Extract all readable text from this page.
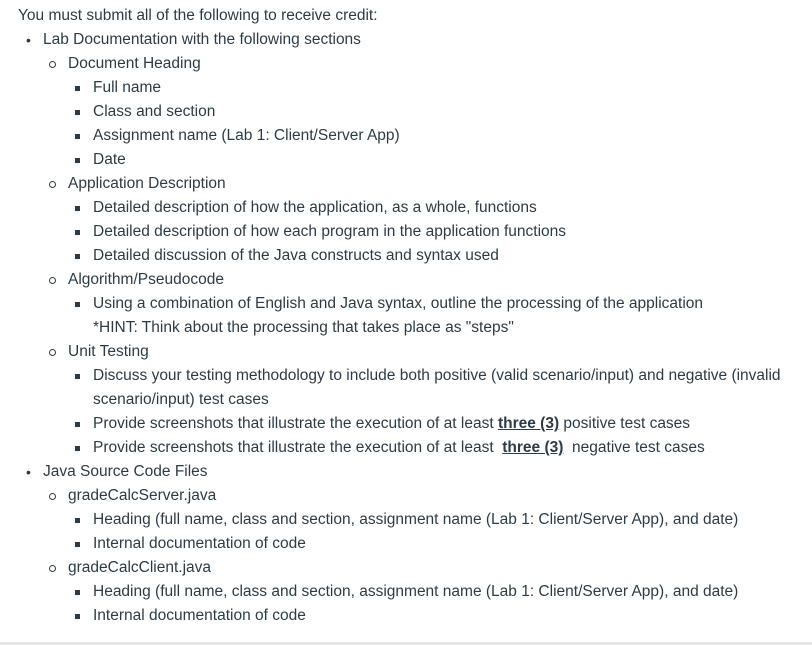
You must submit all of the following to receive credit:
• Lab Documentation with the following sections
Document Heading
Full name
Class and section
Assignment name (Lab 1: Client/Server App)
Date
Application Description
Detailed description of how the application, as a whole, functions
Detailed description of how each program in the application functions
Detailed discussion of the Java constructs and syntax used
Algorithm/Pseudocode
Using a combination of English and Java syntax, outline the processing of the application
*HINT: Think about the processing that takes place as "steps"
Unit Testing
Discuss your testing methodology to include both positive (valid scenario/input) and negative (invalid
scenario/input) test cases
Provide screenshots that illustrate the execution of at least three (3) positive test cases
Provide screenshots that illustrate the execution of at least  three (3)  negative test cases
• Java Source Code Files
gradeCalcServer.java
Heading (full name, class and section, assignment name (Lab 1: Client/Server App), and date)
Internal documentation of code
gradeCalcClient.java
Heading (full name, class and section, assignment name (Lab 1: Client/Server App), and date)
Internal documentation of code
